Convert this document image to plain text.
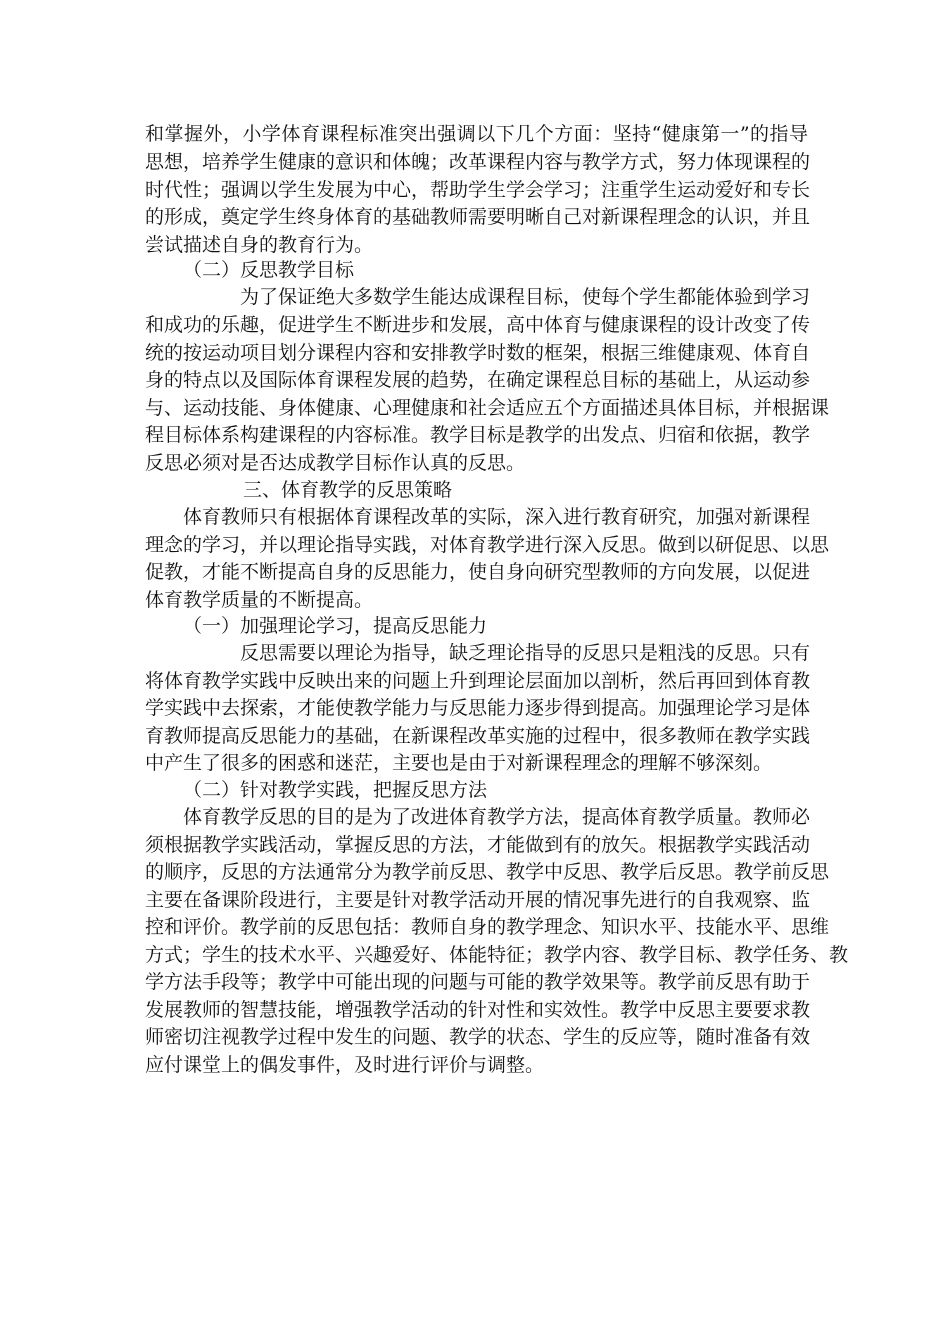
和掌握外，小学体育课程标准突出强调以下几个方面：坚持“健康第一”的指导

思想，培养学生健康的意识和体魄；改革课程内容与教学方式，努力体现课程的

时代性；强调以学生发展为中心，帮助学生学会学习；注重学生运动爱好和专长

的形成，奠定学生终身体育的基础教师需要明晰自己对新课程理念的认识，并且

尝试描述自身的教育行为。

（二）反思教学目标

为了保证绝大多数学生能达成课程目标，使每个学生都能体验到学习

和成功的乐趣，促进学生不断进步和发展，高中体育与健康课程的设计改变了传

统的按运动项目划分课程内容和安排教学时数的框架，根据三维健康观、体育自

身的特点以及国际体育课程发展的趋势，在确定课程总目标的基础上，从运动参

与、运动技能、身体健康、心理健康和社会适应五个方面描述具体目标，并根据课

程目标体系构建课程的内容标准。教学目标是教学的出发点、归宿和依据，教学

反思必须对是否达成教学目标作认真的反思。

三、体育教学的反思策略

体育教师只有根据体育课程改革的实际，深入进行教育研究，加强对新课程

理念的学习，并以理论指导实践，对体育教学进行深入反思。做到以研促思、以思

促教，才能不断提高自身的反思能力，使自身向研究型教师的方向发展，以促进

体育教学质量的不断提高。

（一）加强理论学习，提高反思能力

反思需要以理论为指导，缺乏理论指导的反思只是粗浅的反思。只有

将体育教学实践中反映出来的问题上升到理论层面加以剖析，然后再回到体育教

学实践中去探索，才能使教学能力与反思能力逐步得到提高。加强理论学习是体

育教师提高反思能力的基础，在新课程改革实施的过程中，很多教师在教学实践

中产生了很多的困惑和迷茫，主要也是由于对新课程理念的理解不够深刻。

（二）针对教学实践，把握反思方法

体育教学反思的目的是为了改进体育教学方法，提高体育教学质量。教师必

须根据教学实践活动，掌握反思的方法，才能做到有的放矢。根据教学实践活动

的顺序，反思的方法通常分为教学前反思、教学中反思、教学后反思。教学前反思

主要在备课阶段进行，主要是针对教学活动开展的情况事先进行的自我观察、监

控和评价。教学前的反思包括：教师自身的教学理念、知识水平、技能水平、思维

方式；学生的技术水平、兴趣爱好、体能特征；教学内容、教学目标、教学任务、教

学方法手段等；教学中可能出现的问题与可能的教学效果等。教学前反思有助于

发展教师的智慧技能，增强教学活动的针对性和实效性。教学中反思主要要求教

师密切注视教学过程中发生的问题、教学的状态、学生的反应等，随时准备有效

应付课堂上的偶发事件，及时进行评价与调整。
